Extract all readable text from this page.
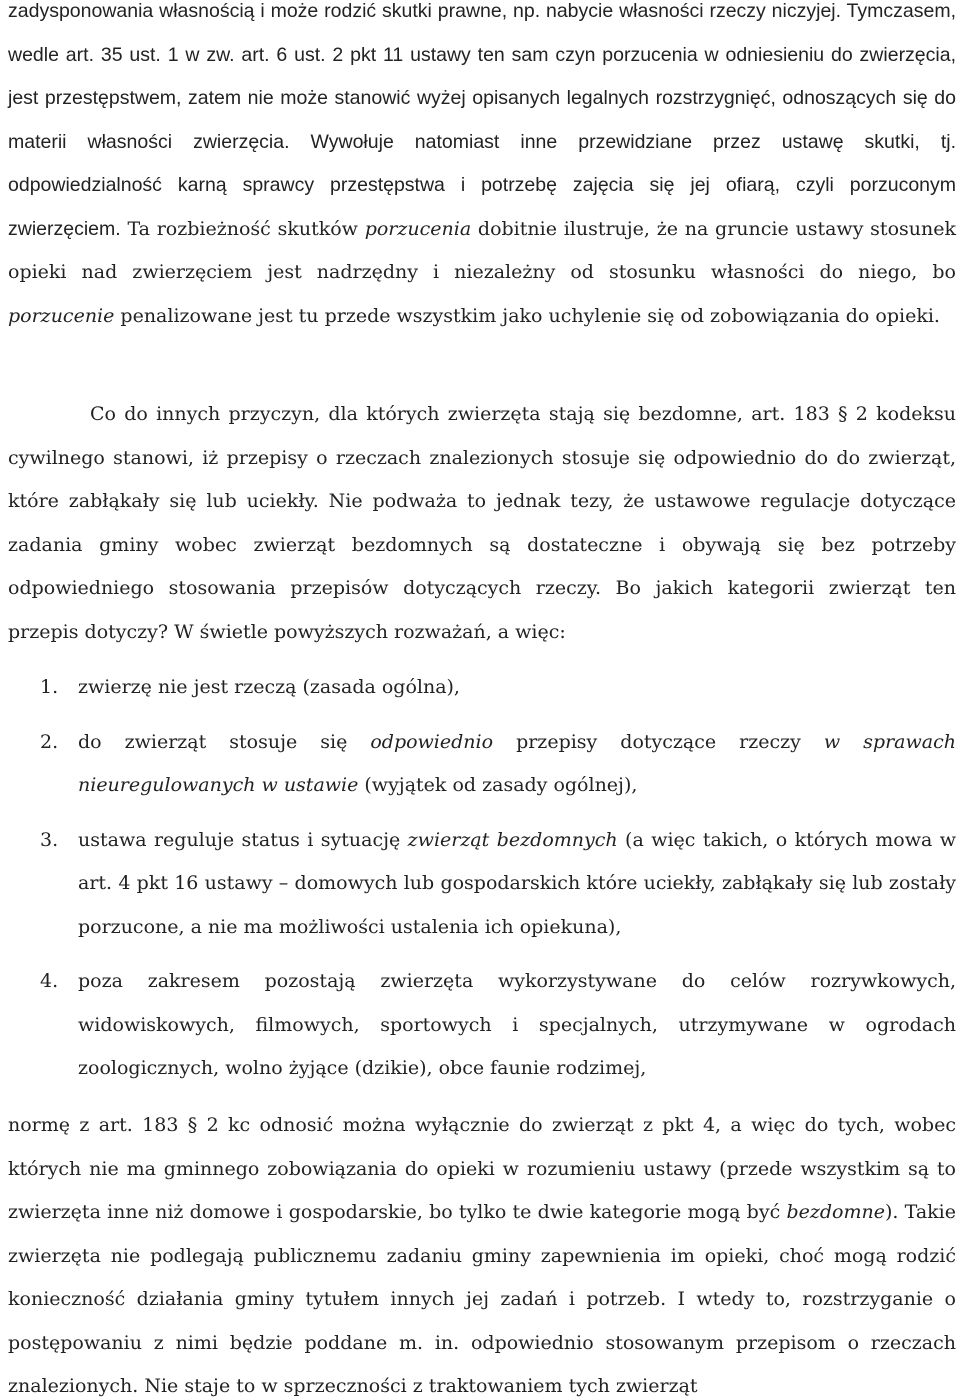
zadysponowania własnością i może rodzić skutki prawne, np. nabycie własności rzeczy niczyjej. Tymczasem, wedle art. 35 ust. 1 w zw. art. 6 ust. 2 pkt 11 ustawy ten sam czyn porzucenia w odniesieniu do zwierzęcia, jest przestępstwem, zatem nie może stanowić wyżej opisanych legalnych rozstrzygnięć, odnoszących się do materii własności zwierzęcia. Wywołuje natomiast inne przewidziane przez ustawę skutki, tj. odpowiedzialność karną sprawcy przestępstwa i potrzebę zajęcia się jej ofiarą, czyli porzuconym zwierzęciem. Ta rozbieżność skutków porzucenia dobitnie ilustruje, że na gruncie ustawy stosunek opieki nad zwierzęciem jest nadrzędny i niezależny od stosunku własności do niego, bo porzucenie penalizowane jest tu przede wszystkim jako uchylenie się od zobowiązania do opieki.

Co do innych przyczyn, dla których zwierzęta stają się bezdomne, art. 183 § 2 kodeksu cywilnego stanowi, iż przepisy o rzeczach znalezionych stosuje się odpowiednio do do zwierząt, które zabłąkały się lub uciekły. Nie podważa to jednak tezy, że ustawowe regulacje dotyczące zadania gminy wobec zwierząt bezdomnych są dostateczne i obywają się bez potrzeby odpowiedniego stosowania przepisów dotyczących rzeczy. Bo jakich kategorii zwierząt ten przepis dotyczy? W świetle powyższych rozważań, a więc:

1. zwierzę nie jest rzeczą (zasada ogólna),
2. do zwierząt stosuje się odpowiednio przepisy dotyczące rzeczy w sprawach nieuregulowanych w ustawie (wyjątek od zasady ogólnej),
3. ustawa reguluje status i sytuację zwierząt bezdomnych (a więc takich, o których mowa w art. 4 pkt 16 ustawy – domowych lub gospodarskich które uciekły, zabłąkały się lub zostały porzucone, a nie ma możliwości ustalenia ich opiekuna),
4. poza zakresem pozostają zwierzęta wykorzystywane do celów rozrywkowych, widowiskowych, filmowych, sportowych i specjalnych, utrzymywane w ogrodach zoologicznych, wolno żyjące (dzikie), obce faunie rodzimej,

normę z art. 183 § 2 kc odnosić można wyłącznie do zwierząt z pkt 4, a więc do tych, wobec których nie ma gminnego zobowiązania do opieki w rozumieniu ustawy (przede wszystkim są to zwierzęta inne niż domowe i gospodarskie, bo tylko te dwie kategorie mogą być bezdomne). Takie zwierzęta nie podlegają publicznemu zadaniu gminy zapewnienia im opieki, choć mogą rodzić konieczność działania gminy tytułem innych jej zadań i potrzeb. I wtedy to, rozstrzyganie o postępowaniu z nimi będzie poddane m. in. odpowiednio stosowanym przepisom o rzeczach znalezionych. Nie staje to w sprzeczności z traktowaniem tych zwierząt
